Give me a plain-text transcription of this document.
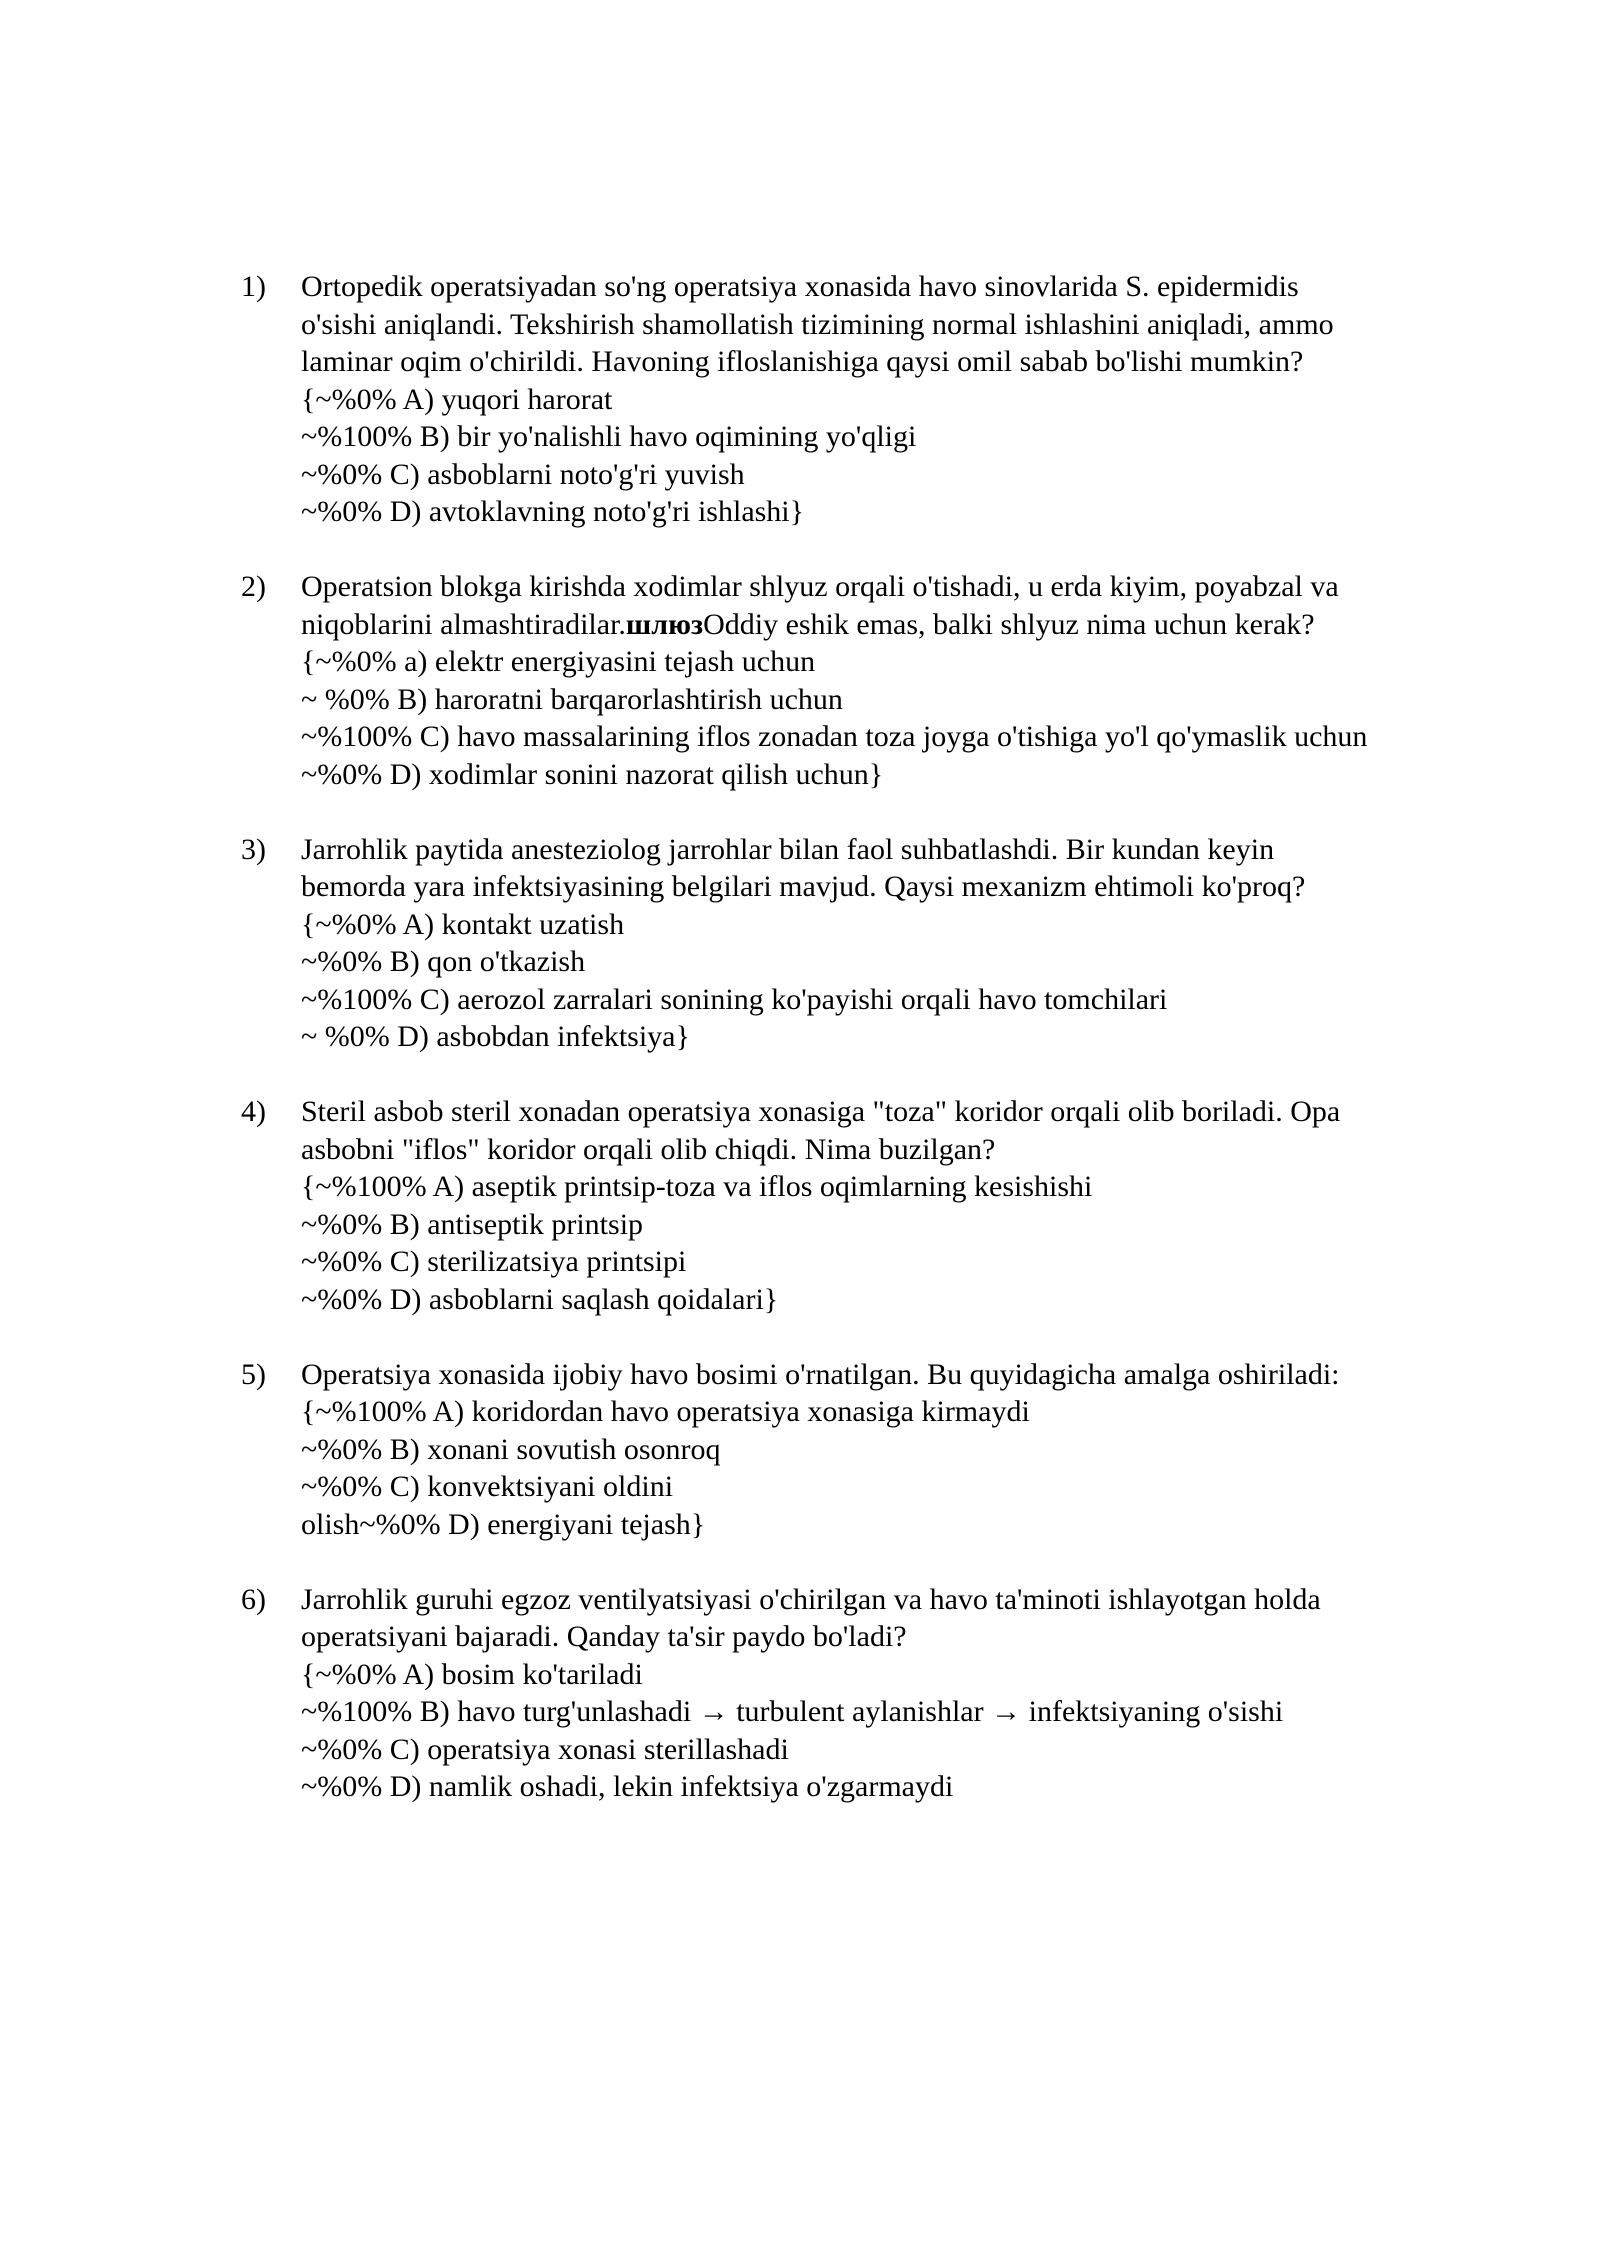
1) Ortopedik operatsiyadan so'ng operatsiya xonasida havo sinovlarida S. epidermidis o'sishi aniqlandi. Tekshirish shamollatish tizimining normal ishlashini aniqladi, ammo laminar oqim o'chirildi. Havoning ifloslanishiga qaysi omil sabab bo'lishi mumkin?
{~%0% A) yuqori harorat
~%100% B) bir yo'nalishli havo oqimining yo'qligi
~%0% C) asboblarni noto'g'ri yuvish
~%0% D) avtoklavning noto'g'ri ishlashi}
2) Operatsion blokga kirishda xodimlar shlyuz orqali o'tishadi, u erda kiyim, poyabzal va niqoblarini almashtiradilar.шлюзOddiy eshik emas, balki shlyuz nima uchun kerak?
{~%0% a) elektr energiyasini tejash uchun
~ %0% B) haroratni barqarorlashtirish uchun
~%100% C) havo massalarining iflos zonadan toza joyga o'tishiga yo'l qo'ymaslik uchun
~%0% D) xodimlar sonini nazorat qilish uchun}
3) Jarrohlik paytida anesteziolog jarrohlar bilan faol suhbatlashdi. Bir kundan keyin bemorda yara infektsiyasining belgilari mavjud. Qaysi mexanizm ehtimoli ko'proq?
{~%0% A) kontakt uzatish
~%0% B) qon o'tkazish
~%100% C) aerozol zarralari sonining ko'payishi orqali havo tomchilari
~ %0% D) asbobdan infektsiya}
4) Steril asbob steril xonadan operatsiya xonasiga "toza" koridor orqali olib boriladi. Opa asbobni "iflos" koridor orqali olib chiqdi. Nima buzilgan?
{~%100% A) aseptik printsip-toza va iflos oqimlarning kesishishi
~%0% B) antiseptik printsip
~%0% C) sterilizatsiya printsipi
~%0% D) asboblarni saqlash qoidalari}
5) Operatsiya xonasida ijobiy havo bosimi o'rnatilgan. Bu quyidagicha amalga oshiriladi:
{~%100% A) koridordan havo operatsiya xonasiga kirmaydi
~%0% B) xonani sovutish osonroq
~%0% C) konvektsiyani oldini
olish~%0% D) energiyani tejash}
6) Jarrohlik guruhi egzoz ventilyatsiyasi o'chirilgan va havo ta'minoti ishlayotgan holda operatsiyani bajaradi. Qanday ta'sir paydo bo'ladi?
{~%0% A) bosim ko'tariladi
~%100% B) havo turg'unlashadi → turbulent aylanishlar → infektsiyaning o'sishi
~%0% C) operatsiya xonasi sterillashadi
~%0% D) namlik oshadi, lekin infektsiya o'zgarmaydi
